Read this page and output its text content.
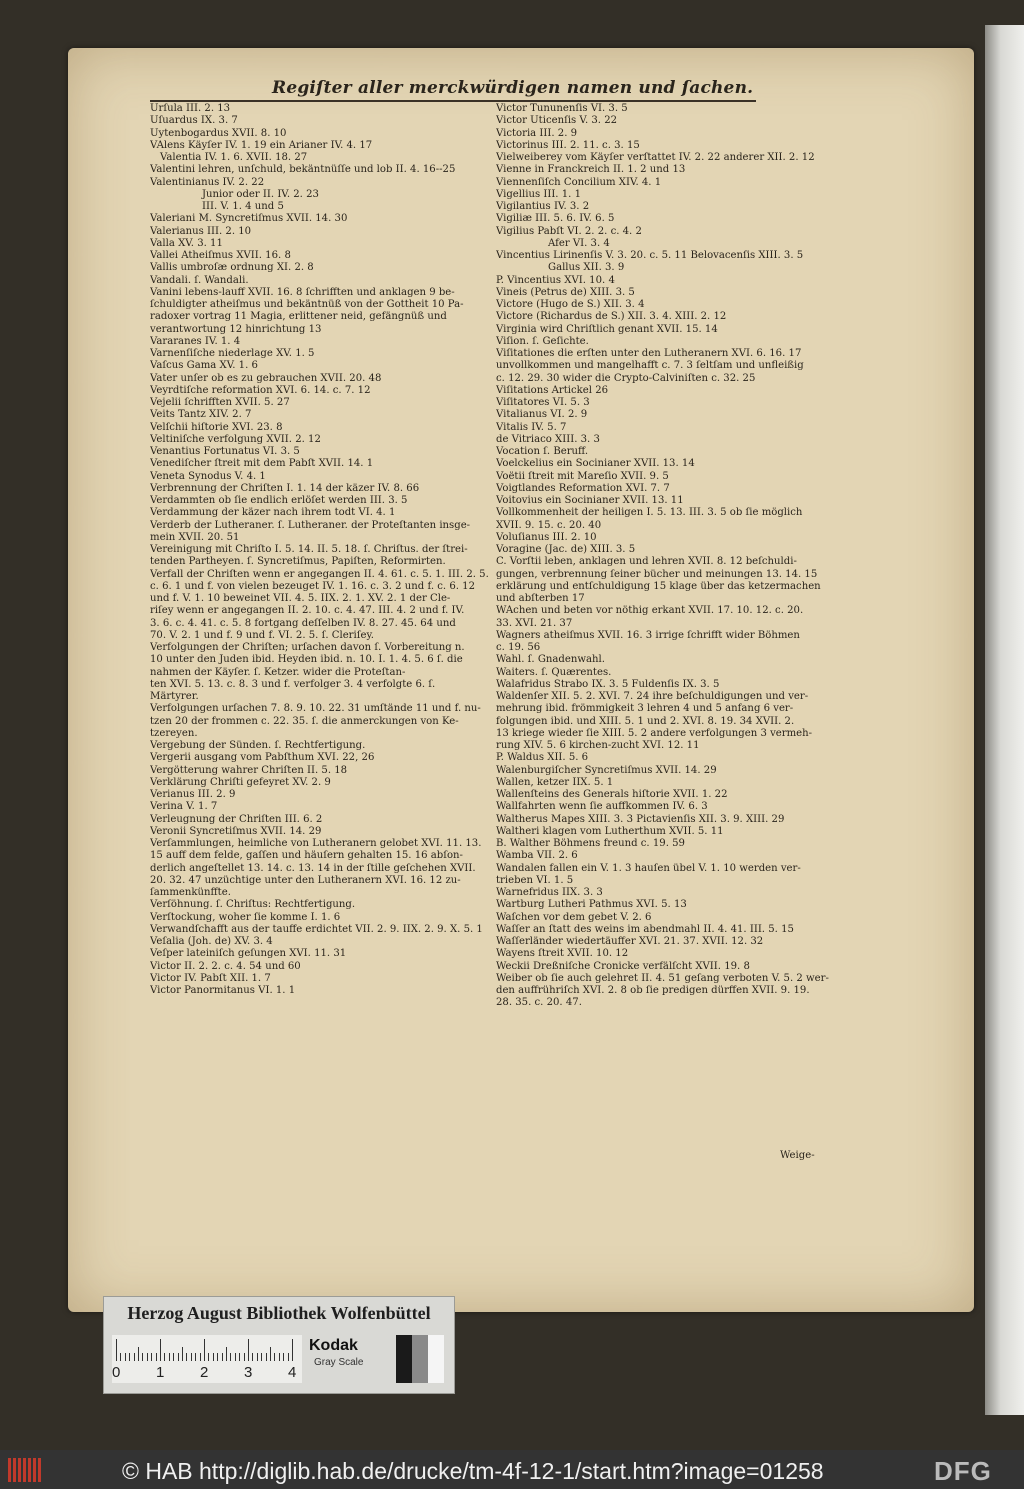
Regiſter aller merckwürdigen namen und ſachen.
Urſula III. 2. 13
Uſuardus IX. 3. 7
Uytenbogardus XVII. 8. 10
VAlens Käyſer IV. 1. 19 ein Arianer IV. 4. 17
Valentia IV. 1. 6. XVII. 18. 27
Valentini lehren, unſchuld, bekäntnüſſe und lob II. 4. 16--25
Valentinianus IV. 2. 22
Junior oder II. IV. 2. 23
III. V. 1. 4 und 5
Valeriani M. Syncretiſmus XVII. 14. 30
Valerianus III. 2. 10
Valla XV. 3. 11
Vallei Atheiſmus XVII. 16. 8
Vallis umbroſæ ordnung XI. 2. 8
Vandali. ſ. Wandali.
Vanini lebens-lauff XVII. 16. 8 ſchrifften und anklagen 9 be-
ſchuldigter atheiſmus und bekäntnüß von der Gottheit 10 Pa-
radoxer vortrag 11 Magia, erlittener neid, gefängnüß und
verantwortung 12 hinrichtung 13
Vararanes IV. 1. 4
Varnenſiſche niederlage XV. 1. 5
Vaſcus Gama XV. 1. 6
Vater unſer ob es zu gebrauchen XVII. 20. 48
Veyrdtiſche reformation XVI. 6. 14. c. 7. 12
Vejelii ſchrifften XVII. 5. 27
Veits Tantz XIV. 2. 7
Velſchii hiſtorie XVI. 23. 8
Veltiniſche verfolgung XVII. 2. 12
Venantius Fortunatus VI. 3. 5
Venediſcher ſtreit mit dem Pabſt XVII. 14. 1
Veneta Synodus V. 4. 1
Verbrennung der Chriſten I. 1. 14 der käzer IV. 8. 66
Verdammten ob ſie endlich erlöſet werden III. 3. 5
Verdammung der käzer nach ihrem todt VI. 4. 1
Verderb der Lutheraner. ſ. Lutheraner. der Proteſtanten insge-
mein XVII. 20. 51
Vereinigung mit Chriſto I. 5. 14. II. 5. 18. ſ. Chriſtus. der ſtrei-
tenden Partheyen. ſ. Syncretiſmus, Papiſten, Reformirten.
Verfall der Chriſten wenn er angegangen II. 4. 61. c. 5. 1. III. 2. 5.
c. 6. 1 und f. von vielen bezeuget IV. 1. 16. c. 3. 2 und f. c. 6. 12
und f. V. 1. 10 beweinet VII. 4. 5. IIX. 2. 1. XV. 2. 1 der Cle-
riſey wenn er angegangen II. 2. 10. c. 4. 47. III. 4. 2 und f. IV.
3. 6. c. 4. 41. c. 5. 8 fortgang deſſelben IV. 8. 27. 45. 64 und
70. V. 2. 1 und f. 9 und f. VI. 2. 5. ſ. Cleriſey.
Verfolgungen der Chriſten; urſachen davon ſ. Vorbereitung n.
10 unter den Juden ibid. Heyden ibid. n. 10. I. 1. 4. 5. 6 ſ. die
nahmen der Käyſer. ſ. Ketzer. wider die Proteſtan-
ten XVI. 5. 13. c. 8. 3 und f. verfolger 3. 4 verfolgte 6. ſ.
Märtyrer.
Verfolgungen urſachen 7. 8. 9. 10. 22. 31 umſtände 11 und f. nu-
tzen 20 der frommen c. 22. 35. ſ. die anmerckungen von Ke-
tzereyen.
Vergebung der Sünden. ſ. Rechtfertigung.
Vergerii ausgang vom Pabſthum XVI. 22, 26
Vergötterung wahrer Chriſten II. 5. 18
Verklärung Chriſti gefeyret XV. 2. 9
Verianus III. 2. 9
Verina V. 1. 7
Verleugnung der Chriſten III. 6. 2
Veronii Syncretiſmus XVII. 14. 29
Verſammlungen, heimliche von Lutheranern gelobet XVI. 11. 13.
15 auff dem felde, gaſſen und häuſern gehalten 15. 16 abſon-
derlich angeſtellet 13. 14. c. 13. 14 in der ſtille geſchehen XVII.
20. 32. 47 unzüchtige unter den Lutheranern XVI. 16. 12 zu-
ſammenkünffte.
Verſöhnung. ſ. Chriſtus: Rechtfertigung.
Verſtockung, woher ſie komme I. 1. 6
Verwandſchafft aus der tauffe erdichtet VII. 2. 9. IIX. 2. 9. X. 5. 1
Veſalia (Joh. de) XV. 3. 4
Veſper lateiniſch geſungen XVI. 11. 31
Victor II. 2. 2. c. 4. 54 und 60
Victor IV. Pabſt XII. 1. 7
Victor Panormitanus VI. 1. 1
Victor Tununenſis VI. 3. 5
Victor Uticenſis V. 3. 22
Victoria III. 2. 9
Victorinus III. 2. 11. c. 3. 15
Vielweiberey vom Käyſer verſtattet IV. 2. 22 anderer XII. 2. 12
Vienne in Franckreich II. 1. 2 und 13
Viennenſiſch Concilium XIV. 4. 1
Vigellius III. 1. 1
Vigilantius IV. 3. 2
Vigiliæ III. 5. 6. IV. 6. 5
Vigilius Pabſt VI. 2. 2. c. 4. 2
Afer VI. 3. 4
Vincentius Lirinenſis V. 3. 20. c. 5. 11 Belovacenſis XIII. 3. 5
Gallus XII. 3. 9
P. Vincentius XVI. 10. 4
Vineis (Petrus de) XIII. 3. 5
Victore (Hugo de S.) XII. 3. 4
Victore (Richardus de S.) XII. 3. 4. XIII. 2. 12
Virginia wird Chriſtlich genant XVII. 15. 14
Viſion. ſ. Geſichte.
Viſitationes die erſten unter den Lutheranern XVI. 6. 16. 17
unvollkommen und mangelhafft c. 7. 3 ſeltſam und unfleißig
c. 12. 29. 30 wider die Crypto-Calviniſten c. 32. 25
Viſitations Artickel 26
Viſitatores VI. 5. 3
Vitalianus VI. 2. 9
Vitalis IV. 5. 7
de Vitriaco XIII. 3. 3
Vocation ſ. Beruff.
Voelckelius ein Socinianer XVII. 13. 14
Voëtii ſtreit mit Mareſio XVII. 9. 5
Voigtlandes Reformation XVI. 7. 7
Voitovius ein Socinianer XVII. 13. 11
Vollkommenheit der heiligen I. 5. 13. III. 3. 5 ob ſie möglich
XVII. 9. 15. c. 20. 40
Voluſianus III. 2. 10
Voragine (Jac. de) XIII. 3. 5
C. Vorſtii leben, anklagen und lehren XVII. 8. 12 beſchuldi-
gungen, verbrennung ſeiner bücher und meinungen 13. 14. 15
erklärung und entſchuldigung 15 klage über das ketzermachen
und abſterben 17
WAchen und beten vor nöthig erkant XVII. 17. 10. 12. c. 20.
33. XVI. 21. 37
Wagners atheiſmus XVII. 16. 3 irrige ſchrifft wider Böhmen
c. 19. 56
Wahl. ſ. Gnadenwahl.
Waiters. ſ. Quærentes.
Walafridus Strabo IX. 3. 5 Fuldenſis IX. 3. 5
Waldenſer XII. 5. 2. XVI. 7. 24 ihre beſchuldigungen und ver-
mehrung ibid. frömmigkeit 3 lehren 4 und 5 anfang 6 ver-
folgungen ibid. und XIII. 5. 1 und 2. XVI. 8. 19. 34 XVII. 2.
13 kriege wieder ſie XIII. 5. 2 andere verfolgungen 3 vermeh-
rung XIV. 5. 6 kirchen-zucht XVI. 12. 11
P. Waldus XII. 5. 6
Walenburgiſcher Syncretiſmus XVII. 14. 29
Wallen, ketzer IIX. 5. 1
Wallenſteins des Generals hiſtorie XVII. 1. 22
Wallfahrten wenn ſie auffkommen IV. 6. 3
Waltherus Mapes XIII. 3. 3 Pictavienſis XII. 3. 9. XIII. 29
Waltheri klagen vom Lutherthum XVII. 5. 11
B. Walther Böhmens freund c. 19. 59
Wamba VII. 2. 6
Wandalen fallen ein V. 1. 3 hauſen übel V. 1. 10 werden ver-
trieben VI. 1. 5
Warnefridus IIX. 3. 3
Wartburg Lutheri Pathmus XVI. 5. 13
Waſchen vor dem gebet V. 2. 6
Waſſer an ſtatt des weins im abendmahl II. 4. 41. III. 5. 15
Waſſerländer wiedertäuffer XVI. 21. 37. XVII. 12. 32
Wayens ſtreit XVII. 10. 12
Weckii Dreßniſche Cronicke verfälſcht XVII. 19. 8
Weiber ob ſie auch gelehret II. 4. 51 geſang verboten V. 5. 2 wer-
den auffrühriſch XVI. 2. 8 ob ſie predigen dürffen XVII. 9. 19.
28. 35. c. 20. 47.
Weige-
Herzog August Bibliothek Wolfenbüttel
0 1 2 3 4
Kodak
Gray Scale
© HAB http://diglib.hab.de/drucke/tm-4f-12-1/start.htm?image=01258	DFG
